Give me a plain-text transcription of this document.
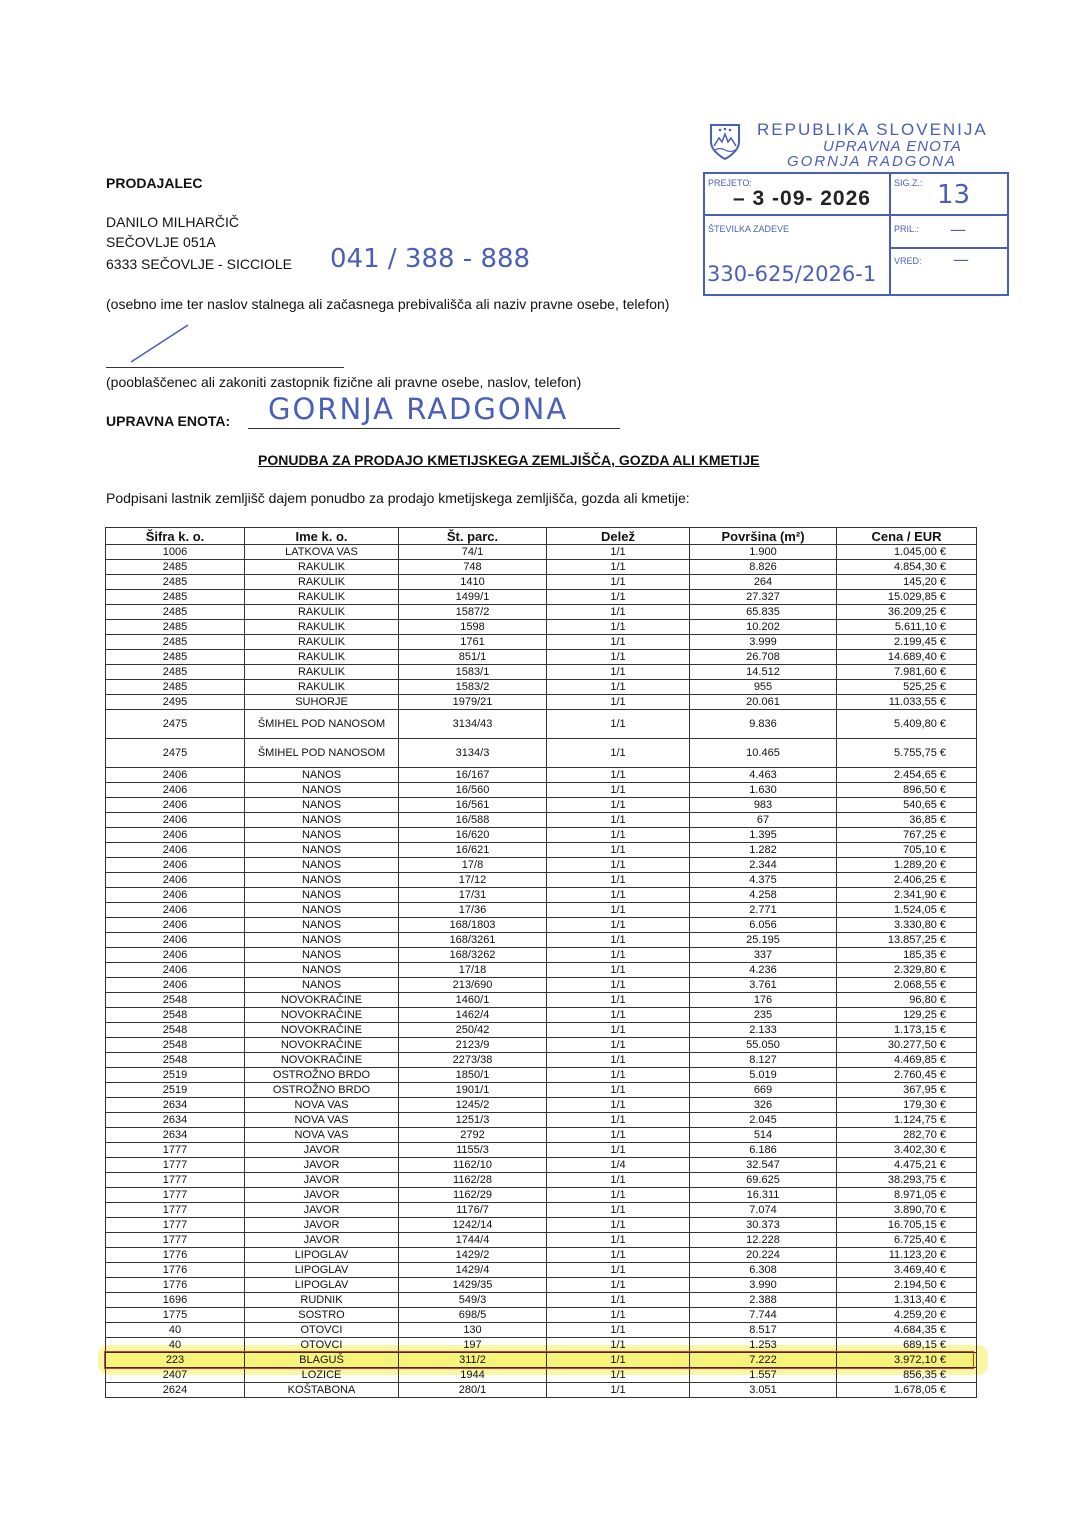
REPUBLIKA SLOVENIJA
UPRAVNA ENOTA
GORNJA RADGONA
PREJETO:
– 3 -09- 2026
SIG.Z.: 13
ŠTEVILKA ZADEVE
330-625/2026-1
PRIL.: —
VRED: —
PRODAJALEC
DANILO MILHARČIČ
SEČOVLJE 051A
6333 SEČOVLJE - SICCIOLE 041 / 388 - 888
(osebno ime ter naslov stalnega ali začasnega prebivališča ali naziv pravne osebe, telefon)
(pooblaščenec ali zakoniti zastopnik fizične ali pravne osebe, naslov, telefon)
UPRAVNA ENOTA: GORNJA RADGONA
PONUDBA ZA PRODAJO KMETIJSKEGA ZEMLJIŠČA, GOZDA ALI KMETIJE
Podpisani lastnik zemljišč dajem ponudbo za prodajo kmetijskega zemljišča, gozda ali kmetije:
Šifra k. o.	Ime k. o.	Št. parc.	Delež	Površina (m²)	Cena / EUR
1006	LATKOVA VAS	74/1	1/1	1.900	1.045,00 €
2485	RAKULIK	748	1/1	8.826	4.854,30 €
2485	RAKULIK	1410	1/1	264	145,20 €
2485	RAKULIK	1499/1	1/1	27.327	15.029,85 €
2485	RAKULIK	1587/2	1/1	65.835	36.209,25 €
2485	RAKULIK	1598	1/1	10.202	5.611,10 €
2485	RAKULIK	1761	1/1	3.999	2.199,45 €
2485	RAKULIK	851/1	1/1	26.708	14.689,40 €
2485	RAKULIK	1583/1	1/1	14.512	7.981,60 €
2485	RAKULIK	1583/2	1/1	955	525,25 €
2495	SUHORJE	1979/21	1/1	20.061	11.033,55 €
2475	ŠMIHEL POD NANOSOM	3134/43	1/1	9.836	5.409,80 €
2475	ŠMIHEL POD NANOSOM	3134/3	1/1	10.465	5.755,75 €
2406	NANOS	16/167	1/1	4.463	2.454,65 €
2406	NANOS	16/560	1/1	1.630	896,50 €
2406	NANOS	16/561	1/1	983	540,65 €
2406	NANOS	16/588	1/1	67	36,85 €
2406	NANOS	16/620	1/1	1.395	767,25 €
2406	NANOS	16/621	1/1	1.282	705,10 €
2406	NANOS	17/8	1/1	2.344	1.289,20 €
2406	NANOS	17/12	1/1	4.375	2.406,25 €
2406	NANOS	17/31	1/1	4.258	2.341,90 €
2406	NANOS	17/36	1/1	2.771	1.524,05 €
2406	NANOS	168/1803	1/1	6.056	3.330,80 €
2406	NANOS	168/3261	1/1	25.195	13.857,25 €
2406	NANOS	168/3262	1/1	337	185,35 €
2406	NANOS	17/18	1/1	4.236	2.329,80 €
2406	NANOS	213/690	1/1	3.761	2.068,55 €
2548	NOVOKRAČINE	1460/1	1/1	176	96,80 €
2548	NOVOKRAČINE	1462/4	1/1	235	129,25 €
2548	NOVOKRAČINE	250/42	1/1	2.133	1.173,15 €
2548	NOVOKRAČINE	2123/9	1/1	55.050	30.277,50 €
2548	NOVOKRAČINE	2273/38	1/1	8.127	4.469,85 €
2519	OSTROŽNO BRDO	1850/1	1/1	5.019	2.760,45 €
2519	OSTROŽNO BRDO	1901/1	1/1	669	367,95 €
2634	NOVA VAS	1245/2	1/1	326	179,30 €
2634	NOVA VAS	1251/3	1/1	2.045	1.124,75 €
2634	NOVA VAS	2792	1/1	514	282,70 €
1777	JAVOR	1155/3	1/1	6.186	3.402,30 €
1777	JAVOR	1162/10	1/4	32.547	4.475,21 €
1777	JAVOR	1162/28	1/1	69.625	38.293,75 €
1777	JAVOR	1162/29	1/1	16.311	8.971,05 €
1777	JAVOR	1176/7	1/1	7.074	3.890,70 €
1777	JAVOR	1242/14	1/1	30.373	16.705,15 €
1777	JAVOR	1744/4	1/1	12.228	6.725,40 €
1776	LIPOGLAV	1429/2	1/1	20.224	11.123,20 €
1776	LIPOGLAV	1429/4	1/1	6.308	3.469,40 €
1776	LIPOGLAV	1429/35	1/1	3.990	2.194,50 €
1696	RUDNIK	549/3	1/1	2.388	1.313,40 €
1775	SOSTRO	698/5	1/1	7.744	4.259,20 €
40	OTOVCI	130	1/1	8.517	4.684,35 €
40	OTOVCI	197	1/1	1.253	689,15 €
223	BLAGUŠ	311/2	1/1	7.222	3.972,10 €
2407	LOZICE	1944	1/1	1.557	856,35 €
2624	KOŠTABONA	280/1	1/1	3.051	1.678,05 €
